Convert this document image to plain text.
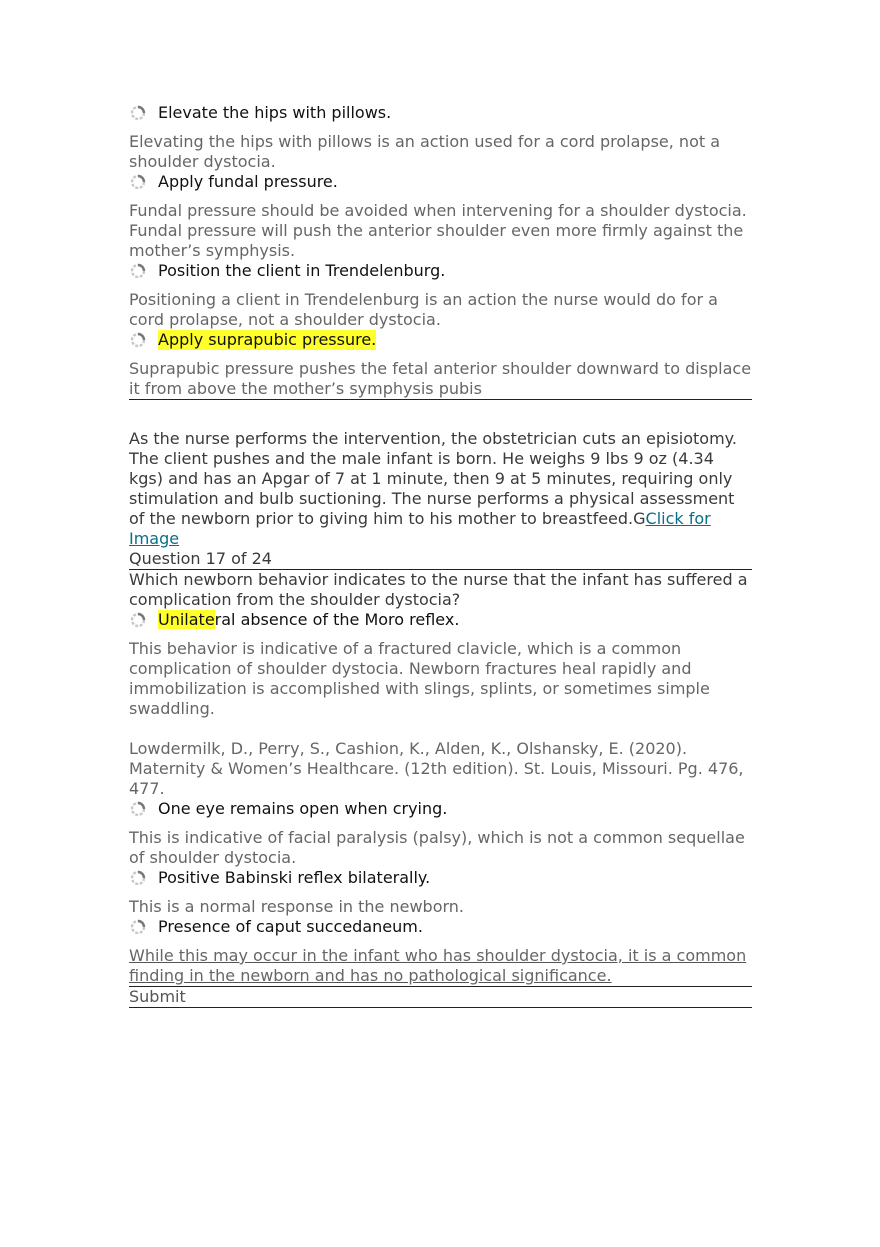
Elevate the hips with pillows.
Elevating the hips with pillows is an action used for a cord prolapse, not a shoulder dystocia.
Apply fundal pressure.
Fundal pressure should be avoided when intervening for a shoulder dystocia. Fundal pressure will push the anterior shoulder even more firmly against the mother’s symphysis.
Position the client in Trendelenburg.
Positioning a client in Trendelenburg is an action the nurse would do for a cord prolapse, not a shoulder dystocia.
Apply suprapubic pressure.
Suprapubic pressure pushes the fetal anterior shoulder downward to displace it from above the mother’s symphysis pubis
As the nurse performs the intervention, the obstetrician cuts an episiotomy. The client pushes and the male infant is born. He weighs 9 lbs 9 oz (4.34 kgs) and has an Apgar of 7 at 1 minute, then 9 at 5 minutes, requiring only stimulation and bulb suctioning. The nurse performs a physical assessment of the newborn prior to giving him to his mother to breastfeed.GClick for Image
Question 17 of 24
Which newborn behavior indicates to the nurse that the infant has suffered a complication from the shoulder dystocia?
Unilateral absence of the Moro reflex.
This behavior is indicative of a fractured clavicle, which is a common complication of shoulder dystocia. Newborn fractures heal rapidly and immobilization is accomplished with slings, splints, or sometimes simple swaddling.
Lowdermilk, D., Perry, S., Cashion, K., Alden, K., Olshansky, E. (2020). Maternity & Women’s Healthcare. (12th edition). St. Louis, Missouri. Pg. 476, 477.
One eye remains open when crying.
This is indicative of facial paralysis (palsy), which is not a common sequellae of shoulder dystocia.
Positive Babinski reflex bilaterally.
This is a normal response in the newborn.
Presence of caput succedaneum.
While this may occur in the infant who has shoulder dystocia, it is a common finding in the newborn and has no pathological significance.
Submit
